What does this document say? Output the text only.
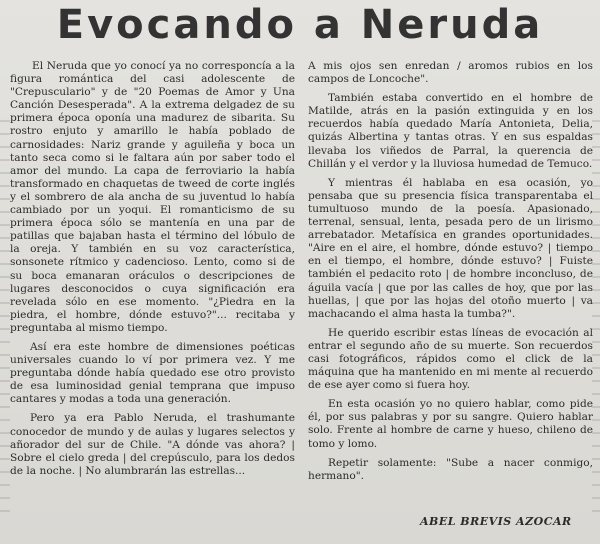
Evocando a Neruda

El Neruda que yo conocí ya no corresponcía a la figura romántica del casi adolescente de "Crepusculario" y de "20 Poemas de Amor y Una Canción Desesperada". A la extrema delgadez de su primera época oponía una madurez de sibarita. Su rostro enjuto y amarillo le había poblado de carnosidades: Nariz grande y aguileña y boca un tanto seca como si le faltara aún por saber todo el amor del mundo. La capa de ferroviario la había transformado en chaquetas de tweed de corte inglés y el sombrero de ala ancha de su juventud lo había cambiado por un yoqui. El romanticismo de su primera época sólo se mantenía en una par de patillas que bajaban hasta el término del lóbulo de la oreja. Y también en su voz característica, sonsonete rítmico y cadencioso. Lento, como si de su boca emanaran oráculos o descripciones de lugares desconocidos o cuya significación era revelada sólo en ese momento. "¿Piedra en la piedra, el hombre, dónde estuvo?"... recitaba y preguntaba al mismo tiempo.

Así era este hombre de dimensiones poéticas universales cuando lo ví por primera vez. Y me preguntaba dónde había quedado ese otro provisto de esa luminosidad genial temprana que impuso cantares y modas a toda una generación.

Pero ya era Pablo Neruda, el trashumante conocedor de mundo y de aulas y lugares selectos y añorador del sur de Chile. "A dónde vas ahora? | Sobre el cielo greda | del crepúsculo, para los dedos de la noche. | No alumbrarán las estrellas...

A mis ojos sen enredan / aromos rubios en los campos de Loncoche".

También estaba convertido en el hombre de Matilde, atrás en la pasión extinguida y en los recuerdos había quedado María Antonieta, Delia, quizás Albertina y tantas otras. Y en sus espaldas llevaba los viñedos de Parral, la querencia de Chillán y el verdor y la lluviosa humedad de Temuco.

Y mientras él hablaba en esa ocasión, yo pensaba que su presencia física transparentaba el tumultuoso mundo de la poesía. Apasionado, terrenal, sensual, lenta, pesada pero de un lirismo arrebatador. Metafísica en grandes oportunidades. "Aire en el aire, el hombre, dónde estuvo? | tiempo en el tiempo, el hombre, dónde estuvo? | Fuiste también el pedacito roto | de hombre inconcluso, de águila vacía | que por las calles de hoy, que por las huellas, | que por las hojas del otoño muerto | va machacando el alma hasta la tumba?".

He querido escribir estas líneas de evocación al entrar el segundo año de su muerte. Son recuerdos casi fotográficos, rápidos como el click de la máquina que ha mantenido en mi mente al recuerdo de ese ayer como si fuera hoy.

En esta ocasión yo no quiero hablar, como pide él, por sus palabras y por su sangre. Quiero hablar solo. Frente al hombre de carne y hueso, chileno de tomo y lomo.

Repetir solamente: "Sube a nacer conmigo, hermano".

ABEL BREVIS AZOCAR
